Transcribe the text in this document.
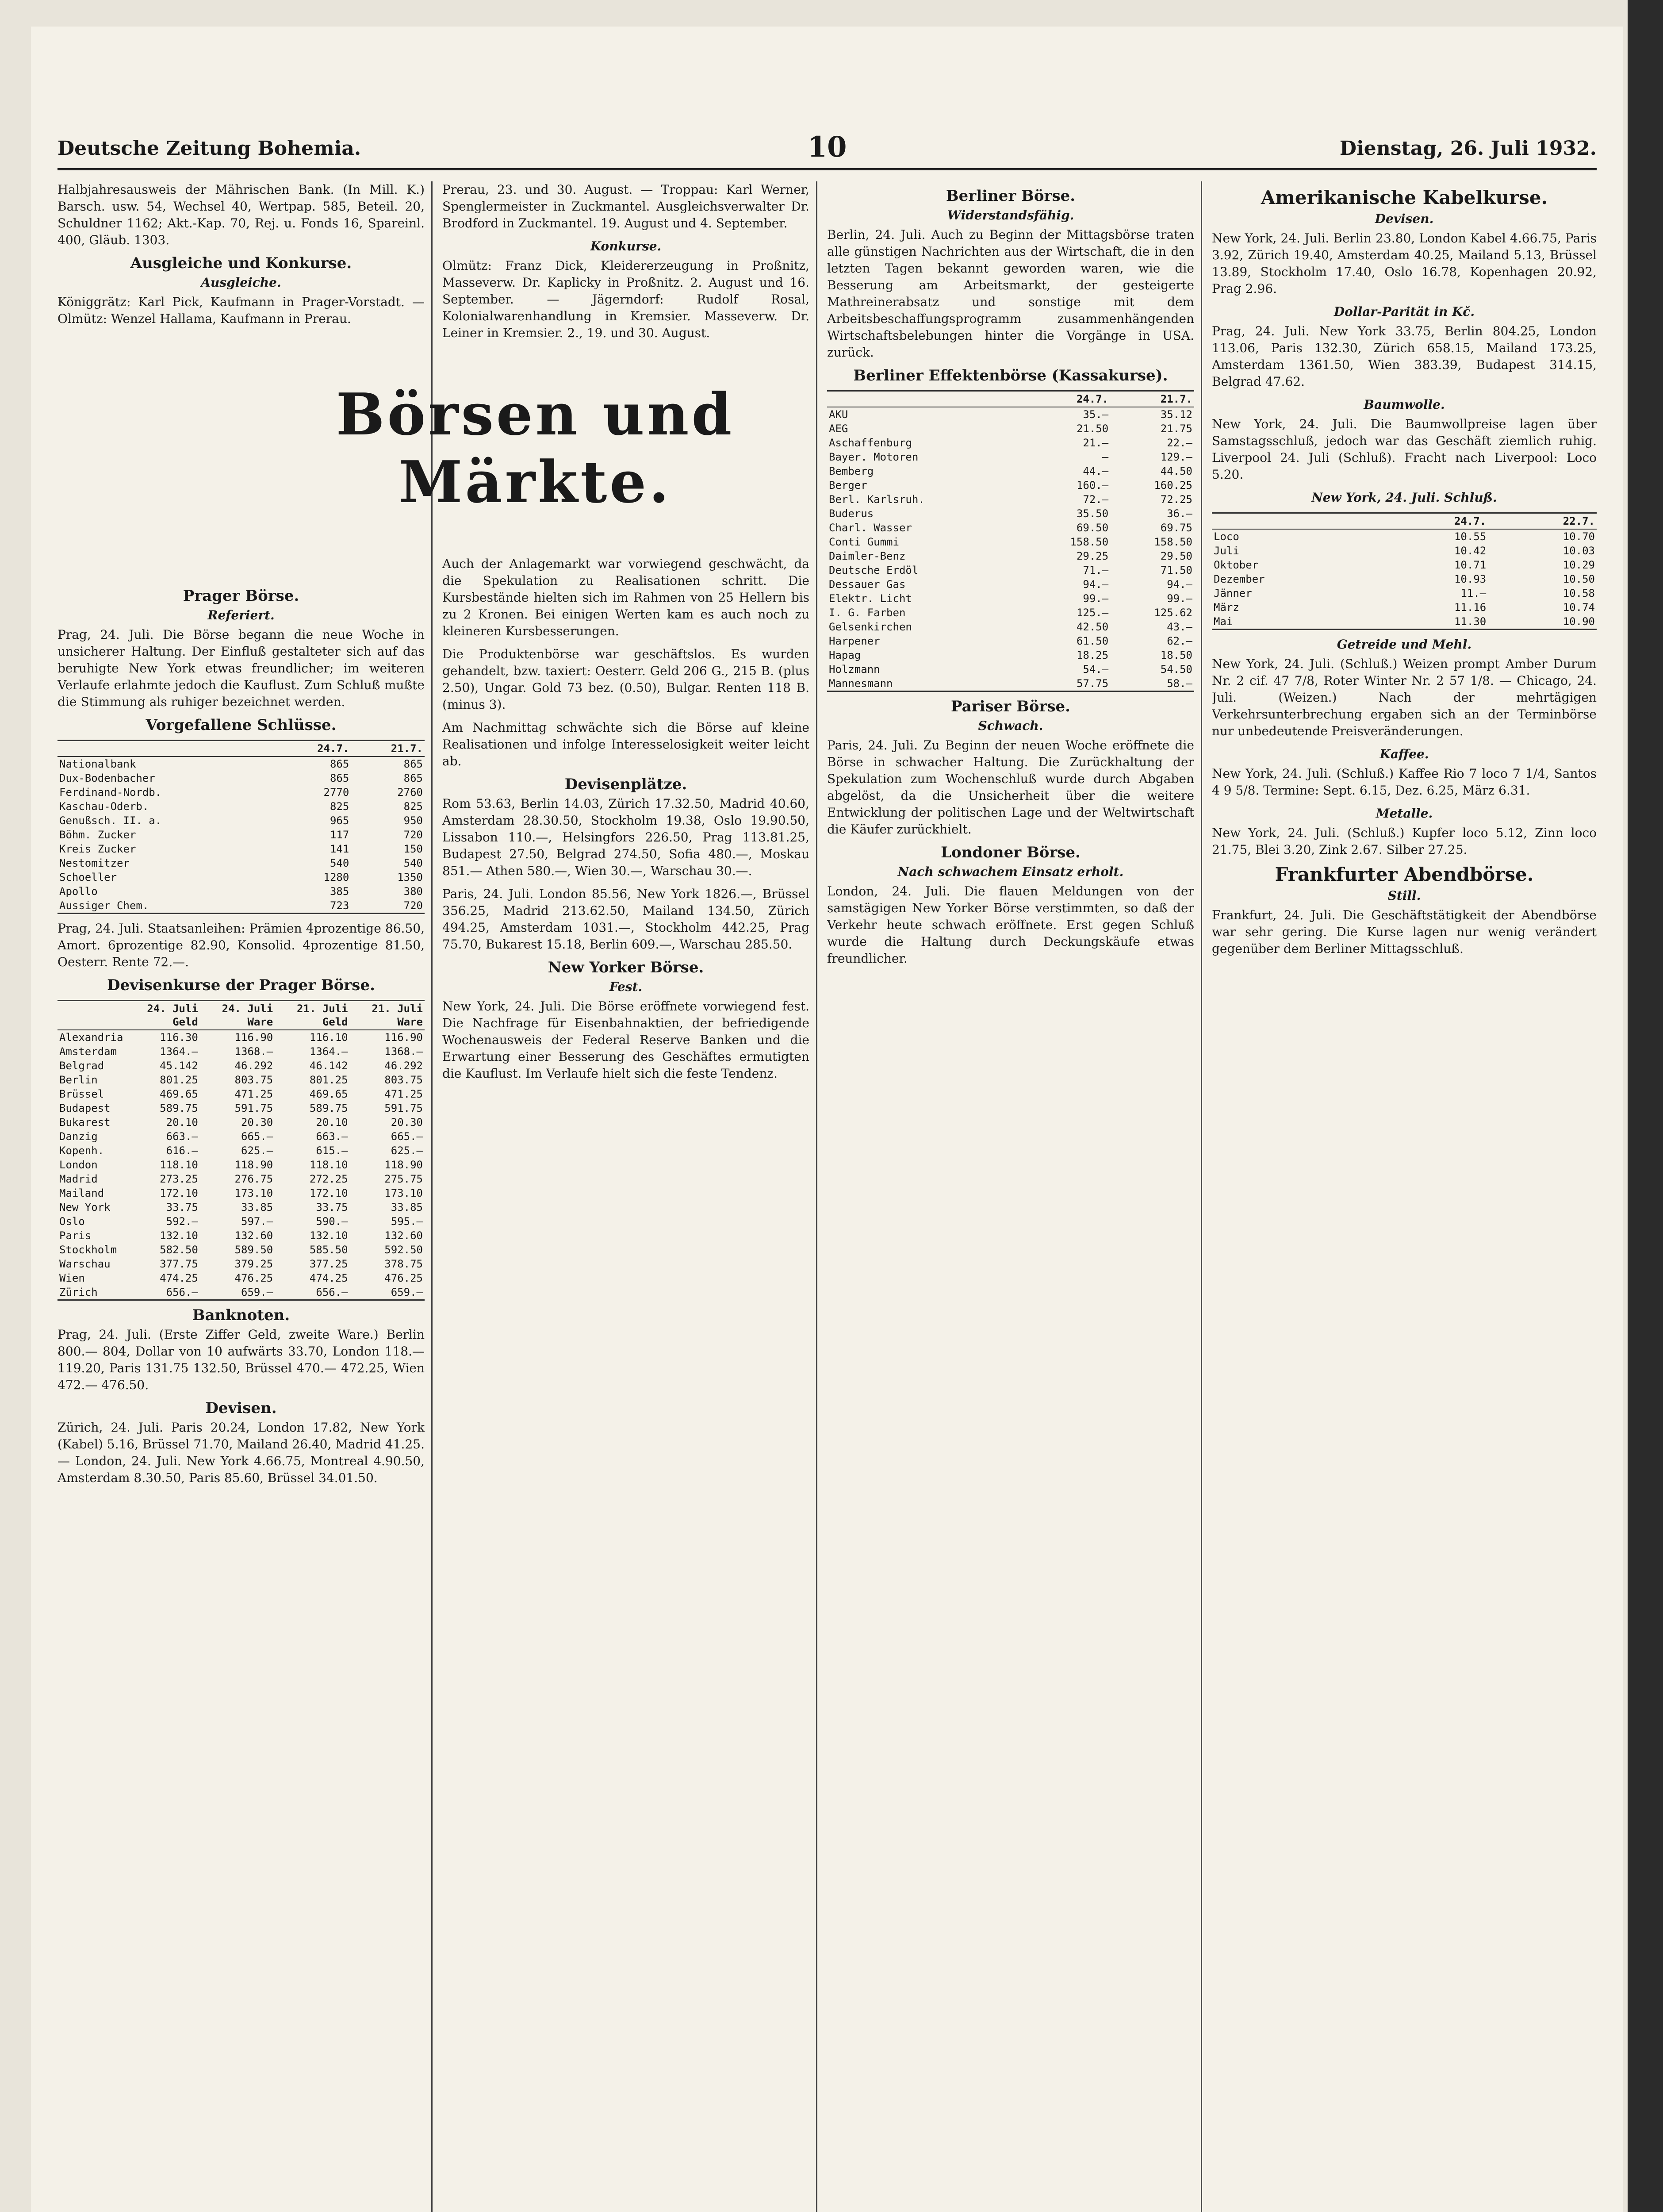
Deutsche Zeitung Bohemia.	10	Dienstag, 26. Juli 1932.

Halbjahresausweis der Mährischen Bank. (In Mill. K.) Barsch. usw. 54, Wechsel 40, Wertpap. 585, Beteil. 20, Schuldner 1162; Akt.-Kap. 70, Rej. u. Fonds 16, Spareinl. 400, Gläub. 1303.

Ausgleiche und Konkurse.
Ausgleiche.

Königgrätz: Karl Pick, Kaufmann in Prager-Vorstadt. — Olmütz: Wenzel Hallama, Kaufmann in Prerau.

Prager Börse.
Referiert.

Prag, 24. Juli. Die Börse begann die neue Woche in unsicherer Haltung. Der Einfluß gestalteter sich auf das beruhigte New York etwas freundlicher; im weiteren Verlaufe erlahmte jedoch die Kauflust. Zum Schluß mußte die Stimmung als ruhiger bezeichnet werden.

Vorgefallene Schlüsse.
	24.7.	21.7.
Nationalbank	865	865
Dux-Bodenbacher	865	865
Ferdinand-Nordb.	2770	2760
Kaschau-Oderb.	825	825
Genußsch. II. a.	965	950
Böhm. Zucker	117	720
Kreis Zucker	141	150
Nestomitzer	540	540
Schoeller	1280	1350
Apollo	385	380
Aussiger Chem.	723	720

Prag, 24. Juli. Staatsanleihen: Prämien 4prozentige 86.50, Amort. 6prozentige 82.90, Konsolid. 4prozentige 81.50, Oesterr. Rente 72.—.

Devisenkurse der Prager Börse.
	24. Juli Geld	24. Juli Ware	21. Juli Geld	21. Juli Ware
Alexandria	116.30	116.90	116.10	116.90
Amsterdam	1364.—	1368.—	1364.—	1368.—
Belgrad	45.142	46.292	46.142	46.292
Berlin	801.25	803.75	801.25	803.75
Brüssel	469.65	471.25	469.65	471.25
Budapest	589.75	591.75	589.75	591.75
Bukarest	20.10	20.30	20.10	20.30
Danzig	663.—	665.—	663.—	665.—
Kopenh.	616.—	625.—	615.—	625.—
London	118.10	118.90	118.10	118.90
Madrid	273.25	276.75	272.25	275.75
Mailand	172.10	173.10	172.10	173.10
New York	33.75	33.85	33.75	33.85
Oslo	592.—	597.—	590.—	595.—
Paris	132.10	132.60	132.10	132.60
Stockholm	582.50	589.50	585.50	592.50
Warschau	377.75	379.25	377.25	378.75
Wien	474.25	476.25	474.25	476.25
Zürich	656.—	659.—	656.—	659.—
Banknoten.

Prag, 24. Juli. (Erste Ziffer Geld, zweite Ware.) Berlin 800.— 804, Dollar von 10 aufwärts 33.70, London 118.— 119.20, Paris 131.75 132.50, Brüssel 470.— 472.25, Wien 472.— 476.50.

Devisen.

Zürich, 24. Juli. Paris 20.24, London 17.82, New York (Kabel) 5.16, Brüssel 71.70, Mailand 26.40, Madrid 41.25. — London, 24. Juli. New York 4.66.75, Montreal 4.90.50, Amsterdam 8.30.50, Paris 85.60, Brüssel 34.01.50.

Börsen und Märkte.

Prerau, 23. und 30. August. — Troppau: Karl Werner, Spenglermeister in Zuckmantel. Ausgleichsverwalter Dr. Brodford in Zuckmantel. 19. August und 4. September.

Konkurse.

Olmütz: Franz Dick, Kleidererzeugung in Proßnitz, Masseverw. Dr. Kaplicky in Proßnitz. 2. August und 16. September. — Jägerndorf: Rudolf Rosal, Kolonialwarenhandlung in Kremsier. Masseverw. Dr. Leiner in Kremsier. 2., 19. und 30. August.

Auch der Anlagemarkt war vorwiegend geschwächt, da die Spekulation zu Realisationen schritt. Die Kursbestände hielten sich im Rahmen von 25 Hellern bis zu 2 Kronen. Bei einigen Werten kam es auch noch zu kleineren Kursbesserungen.

Die Produktenbörse war geschäftslos. Es wurden gehandelt, bzw. taxiert: Oesterr. Geld 206 G., 215 B. (plus 2.50), Ungar. Gold 73 bez. (0.50), Bulgar. Renten 118 B. (minus 3).

Am Nachmittag schwächte sich die Börse auf kleine Realisationen und infolge Interesselosigkeit weiter leicht ab.

Devisenplätze.

Rom 53.63, Berlin 14.03, Zürich 17.32.50, Madrid 40.60, Amsterdam 28.30.50, Stockholm 19.38, Oslo 19.90.50, Lissabon 110.—, Helsingfors 226.50, Prag 113.81.25, Budapest 27.50, Belgrad 274.50, Sofia 480.—, Moskau 851.— Athen 580.—, Wien 30.—, Warschau 30.—.

Paris, 24. Juli. London 85.56, New York 1826.—, Brüssel 356.25, Madrid 213.62.50, Mailand 134.50, Zürich 494.25, Amsterdam 1031.—, Stockholm 442.25, Prag 75.70, Bukarest 15.18, Berlin 609.—, Warschau 285.50.

New Yorker Börse.
Fest.

New York, 24. Juli. Die Börse eröffnete vorwiegend fest. Die Nachfrage für Eisenbahnaktien, der befriedigende Wochenausweis der Federal Reserve Banken und die Erwartung einer Besserung des Geschäftes ermutigten die Kauflust. Im Verlaufe hielt sich die feste Tendenz.

Berliner Börse.
Widerstandsfähig.

Berlin, 24. Juli. Auch zu Beginn der Mittagsbörse traten alle günstigen Nachrichten aus der Wirtschaft, die in den letzten Tagen bekannt geworden waren, wie die Besserung am Arbeitsmarkt, der gesteigerte Mathreinerabsatz und sonstige mit dem Arbeitsbeschaffungsprogramm zusammenhängenden Wirtschaftsbelebungen hinter die Vorgänge in USA. zurück.

Berliner Effektenbörse (Kassakurse).
	24.7.	21.7.
AKU	35.—	35.12
AEG	21.50	21.75
Aschaffenburg	21.—	22.—
Bayer. Motoren	—	129.—
Bemberg	44.—	44.50
Berger	160.—	160.25
Berl. Karlsruh.	72.—	72.25
Buderus	35.50	36.—
Charl. Wasser	69.50	69.75
Conti Gummi	158.50	158.50
Daimler-Benz	29.25	29.50
Deutsche Erdöl	71.—	71.50
Dessauer Gas	94.—	94.—
Elektr. Licht	99.—	99.—
I. G. Farben	125.—	125.62
Gelsenkirchen	42.50	43.—
Harpener	61.50	62.—
Hapag	18.25	18.50
Holzmann	54.—	54.50
Mannesmann	57.75	58.—
Pariser Börse.
Schwach.

Paris, 24. Juli. Zu Beginn der neuen Woche eröffnete die Börse in schwacher Haltung. Die Zurückhaltung der Spekulation zum Wochenschluß wurde durch Abgaben abgelöst, da die Unsicherheit über die weitere Entwicklung der politischen Lage und der Weltwirtschaft die Käufer zurückhielt.

Londoner Börse.
Nach schwachem Einsatz erholt.

London, 24. Juli. Die flauen Meldungen von der samstägigen New Yorker Börse verstimmten, so daß der Verkehr heute schwach eröffnete. Erst gegen Schluß wurde die Haltung durch Deckungskäufe etwas freundlicher.

Amerikanische Kabelkurse.
Devisen.

New York, 24. Juli. Berlin 23.80, London Kabel 4.66.75, Paris 3.92, Zürich 19.40, Amsterdam 40.25, Mailand 5.13, Brüssel 13.89, Stockholm 17.40, Oslo 16.78, Kopenhagen 20.92, Prag 2.96.

Dollar-Parität in Kč.

Prag, 24. Juli. New York 33.75, Berlin 804.25, London 113.06, Paris 132.30, Zürich 658.15, Mailand 173.25, Amsterdam 1361.50, Wien 383.39, Budapest 314.15, Belgrad 47.62.

Baumwolle.

New York, 24. Juli. Die Baumwollpreise lagen über Samstagsschluß, jedoch war das Geschäft ziemlich ruhig. Liverpool 24. Juli (Schluß). Fracht nach Liverpool: Loco 5.20.

New York, 24. Juli. Schluß.
	24.7.	22.7.
Loco	10.55	10.70
Juli	10.42	10.03
Oktober	10.71	10.29
Dezember	10.93	10.50
Jänner	11.—	10.58
März	11.16	10.74
Mai	11.30	10.90
Getreide und Mehl.

New York, 24. Juli. (Schluß.) Weizen prompt Amber Durum Nr. 2 cif. 47 7/8, Roter Winter Nr. 2 57 1/8. — Chicago, 24. Juli. (Weizen.) Nach der mehrtägigen Verkehrsunterbrechung ergaben sich an der Terminbörse nur unbedeutende Preisveränderungen.

Kaffee.

New York, 24. Juli. (Schluß.) Kaffee Rio 7 loco 7 1/4, Santos 4 9 5/8. Termine: Sept. 6.15, Dez. 6.25, März 6.31.

Metalle.

New York, 24. Juli. (Schluß.) Kupfer loco 5.12, Zinn loco 21.75, Blei 3.20, Zink 2.67. Silber 27.25.

Frankfurter Abendbörse.
Still.

Frankfurt, 24. Juli. Die Geschäftstätigkeit der Abendbörse war sehr gering. Die Kurse lagen nur wenig verändert gegenüber dem Berliner Mittagsschluß.
